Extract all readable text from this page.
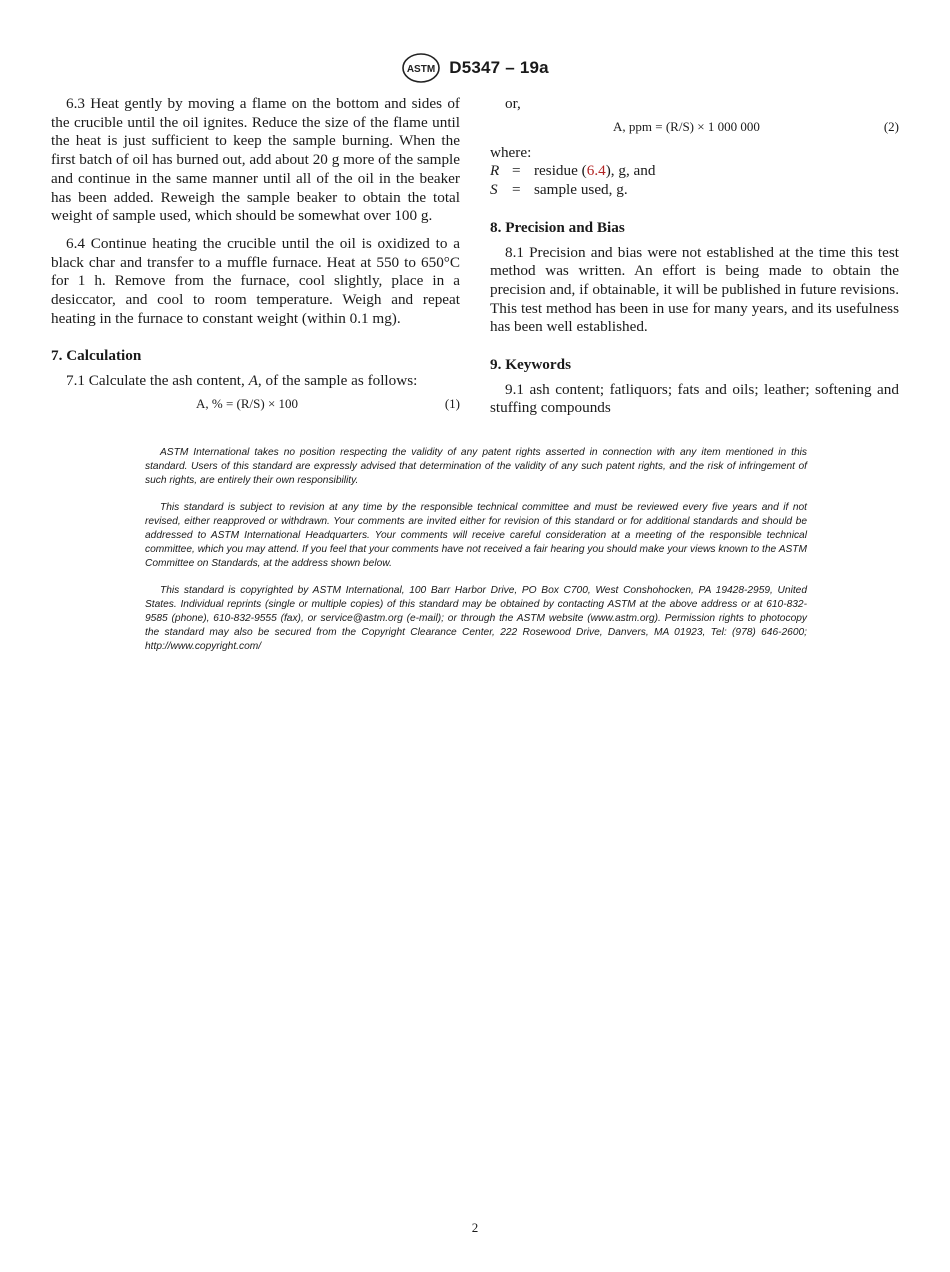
ASTM D5347 – 19a

6.3 Heat gently by moving a flame on the bottom and sides of the crucible until the oil ignites. Reduce the size of the flame until the heat is just sufficient to keep the sample burning. When the first batch of oil has burned out, add about 20 g more of the sample and continue in the same manner until all of the oil in the beaker has been added. Reweigh the sample beaker to obtain the total weight of sample used, which should be somewhat over 100 g.

6.4 Continue heating the crucible until the oil is oxidized to a black char and transfer to a muffle furnace. Heat at 550 to 650°C for 1 h. Remove from the furnace, cool slightly, place in a desiccator, and cool to room temperature. Weigh and repeat heating in the furnace to constant weight (within 0.1 mg).

7. Calculation

7.1 Calculate the ash content, A, of the sample as follows:

A, % = (R/S) × 100	(1)

or,

A, ppm = (R/S) × 1 000 000	(2)

where:

R = residue (6.4), g, and
S = sample used, g.
8. Precision and Bias

8.1 Precision and bias were not established at the time this test method was written. An effort is being made to obtain the precision and, if obtainable, it will be published in future revisions. This test method has been in use for many years, and its usefulness has been well established.

9. Keywords

9.1 ash content; fatliquors; fats and oils; leather; softening and stuffing compounds

ASTM International takes no position respecting the validity of any patent rights asserted in connection with any item mentioned in this standard. Users of this standard are expressly advised that determination of the validity of any such patent rights, and the risk of infringement of such rights, are entirely their own responsibility.

This standard is subject to revision at any time by the responsible technical committee and must be reviewed every five years and if not revised, either reapproved or withdrawn. Your comments are invited either for revision of this standard or for additional standards and should be addressed to ASTM International Headquarters. Your comments will receive careful consideration at a meeting of the responsible technical committee, which you may attend. If you feel that your comments have not received a fair hearing you should make your views known to the ASTM Committee on Standards, at the address shown below.

This standard is copyrighted by ASTM International, 100 Barr Harbor Drive, PO Box C700, West Conshohocken, PA 19428-2959, United States. Individual reprints (single or multiple copies) of this standard may be obtained by contacting ASTM at the above address or at 610-832-9585 (phone), 610-832-9555 (fax), or service@astm.org (e-mail); or through the ASTM website (www.astm.org). Permission rights to photocopy the standard may also be secured from the Copyright Clearance Center, 222 Rosewood Drive, Danvers, MA 01923, Tel: (978) 646-2600; http://www.copyright.com/

2
